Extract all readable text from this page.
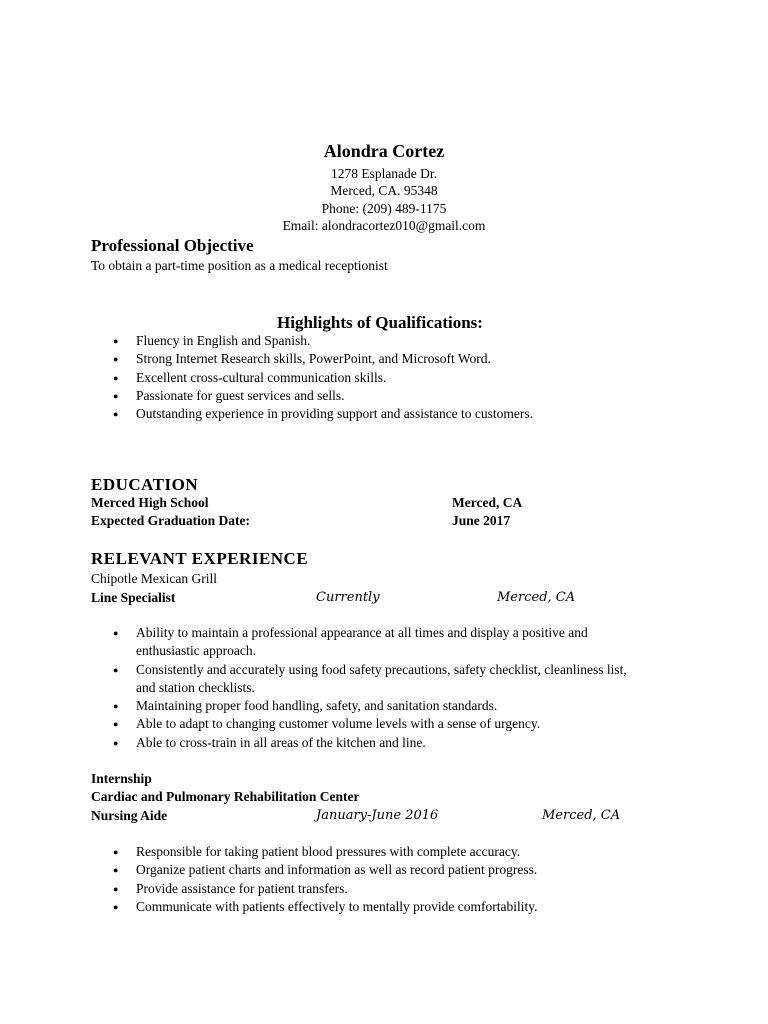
Alondra Cortez
1278 Esplanade Dr.
Merced, CA. 95348
Phone: (209) 489-1175
Email: alondracortez010@gmail.com
Professional Objective
To obtain a part-time position as a medical receptionist
Highlights of Qualifications:
● Fluency in English and Spanish.
● Strong Internet Research skills, PowerPoint, and Microsoft Word.
● Excellent cross-cultural communication skills.
● Passionate for guest services and sells.
● Outstanding experience in providing support and assistance to customers.
EDUCATION
Merced High School	Merced, CA
Expected Graduation Date:	June 2017
RELEVANT EXPERIENCE
Chipotle Mexican Grill
Line Specialist	Currently	Merced, CA
● Ability to maintain a professional appearance at all times and display a positive and
enthusiastic approach.
● Consistently and accurately using food safety precautions, safety checklist, cleanliness list,
and station checklists.
● Maintaining proper food handling, safety, and sanitation standards.
● Able to adapt to changing customer volume levels with a sense of urgency.
● Able to cross-train in all areas of the kitchen and line.
Internship
Cardiac and Pulmonary Rehabilitation Center
Nursing Aide	January-June 2016	Merced, CA
● Responsible for taking patient blood pressures with complete accuracy.
● Organize patient charts and information as well as record patient progress.
● Provide assistance for patient transfers.
● Communicate with patients effectively to mentally provide comfortability.
